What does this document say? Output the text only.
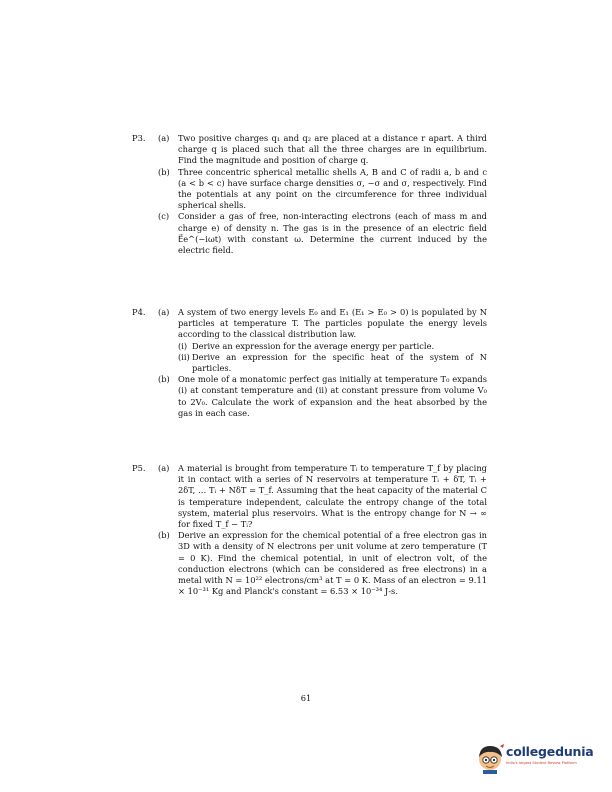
P3. (a) Two positive charges q₁ and q₂ are placed at a distance r apart. A third charge q is placed such that all the three charges are in equilibrium. Find the magnitude and position of charge q.
(b) Three concentric spherical metallic shells A, B and C of radii a, b and c (a < b < c) have surface charge densities σ, −σ and σ, respectively. Find the potentials at any point on the circumference for three individual spherical shells.
(c) Consider a gas of free, non-interacting electrons (each of mass m and charge e) of density n. The gas is in the presence of an electric field E⃗e^(−iωt) with constant ω. Determine the current induced by the electric field.
P4. (a) A system of two energy levels E₀ and E₁ (E₁ > E₀ > 0) is populated by N particles at temperature T. The particles populate the energy levels according to the classical distribution law.
(i) Derive an expression for the average energy per particle.
(ii) Derive an expression for the specific heat of the system of N particles.
(b) One mole of a monatomic perfect gas initially at temperature T₀ expands (i) at constant temperature and (ii) at constant pressure from volume V₀ to 2V₀. Calculate the work of expansion and the heat absorbed by the gas in each case.
P5. (a) A material is brought from temperature Tᵢ to temperature T_f by placing it in contact with a series of N reservoirs at temperature Tᵢ + δT, Tᵢ + 2δT, … Tᵢ + NδT = T_f. Assuming that the heat capacity of the material C is temperature independent, calculate the entropy change of the total system, material plus reservoirs. What is the entropy change for N → ∞ for fixed T_f − Tᵢ?
(b) Derive an expression for the chemical potential of a free electron gas in 3D with a density of N electrons per unit volume at zero temperature (T = 0 K). Find the chemical potential, in unit of electron volt, of the conduction electrons (which can be considered as free electrons) in a metal with N = 10²² electrons/cm³ at T = 0 K. Mass of an electron = 9.11 × 10⁻³¹ Kg and Planck's constant = 6.53 × 10⁻³⁴ J-s.
61
collegedunia
India's largest Student Review Platform
